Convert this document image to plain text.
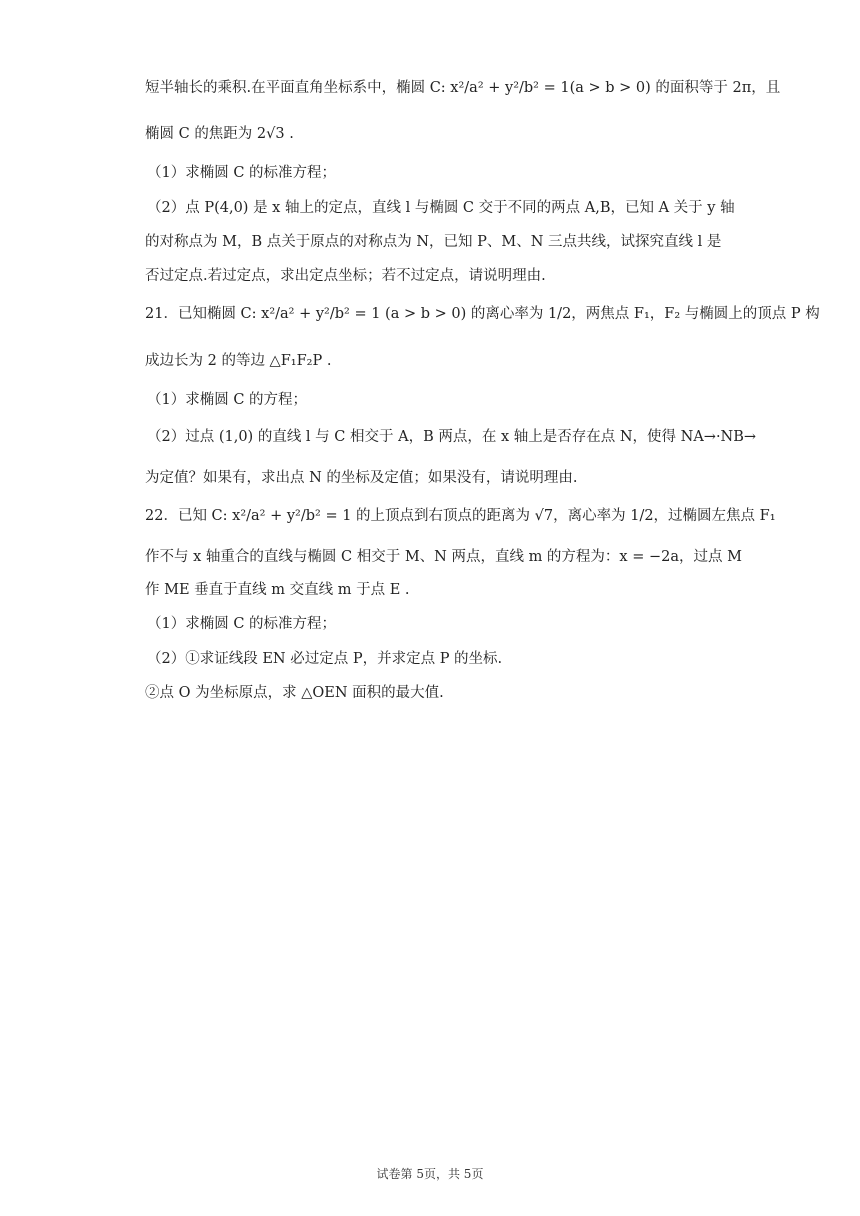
短半轴长的乘积.在平面直角坐标系中，椭圆 C: x²/a² + y²/b² = 1(a > b > 0) 的面积等于 2π，且
椭圆 C 的焦距为 2√3 .
（1）求椭圆 C 的标准方程；
（2）点 P(4,0) 是 x 轴上的定点，直线 l 与椭圆 C 交于不同的两点 A,B，已知 A 关于 y 轴
的对称点为 M，B 点关于原点的对称点为 N，已知 P、M、N 三点共线，试探究直线 l 是
否过定点.若过定点，求出定点坐标；若不过定点，请说明理由.
21．已知椭圆 C: x²/a² + y²/b² = 1 (a > b > 0) 的离心率为 1/2，两焦点 F₁，F₂ 与椭圆上的顶点 P 构
成边长为 2 的等边 △F₁F₂P .
（1）求椭圆 C 的方程；
（2）过点 (1,0) 的直线 l 与 C 相交于 A，B 两点，在 x 轴上是否存在点 N，使得 NA→·NB→
为定值？如果有，求出点 N 的坐标及定值；如果没有，请说明理由.
22．已知 C: x²/a² + y²/b² = 1 的上顶点到右顶点的距离为 √7，离心率为 1/2，过椭圆左焦点 F₁
作不与 x 轴重合的直线与椭圆 C 相交于 M、N 两点，直线 m 的方程为：x = −2a，过点 M
作 ME 垂直于直线 m 交直线 m 于点 E .
（1）求椭圆 C 的标准方程；
（2）①求证线段 EN 必过定点 P，并求定点 P 的坐标.
②点 O 为坐标原点，求 △OEN 面积的最大值.
试卷第 5页，共 5页
